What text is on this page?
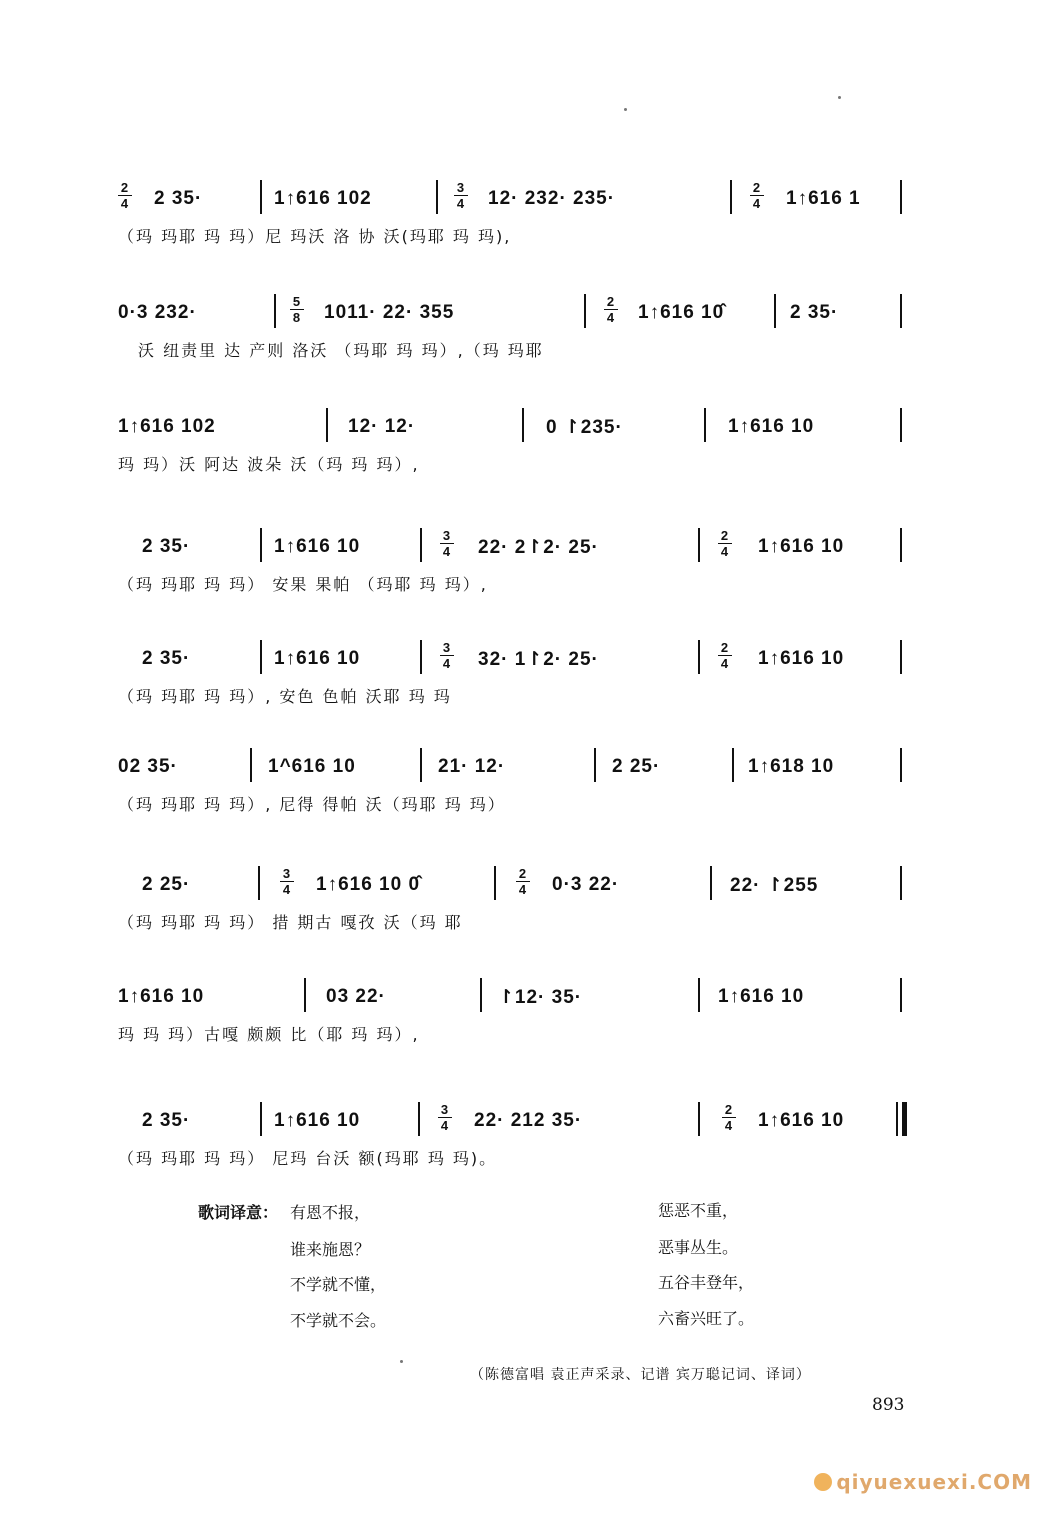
2
4 2 35·	1↑616 102
3
4 12· 232· 235·
2
4 1↑616 1
（玛 玛耶 玛 玛）尼 玛沃 洛 协 沃(玛耶 玛 玛),
0·3 232·
5
8 1011· 22· 355
2
4 1↑616 10̂	2 35·
沃 纽责里 达 产则 洛沃 （玛耶 玛 玛）,（玛 玛耶
1↑616 102	12· 12·	0 ↾235·	1↑616 10
玛 玛）沃 阿达 波朵 沃（玛 玛 玛）,
2 35·	1↑616 10
3
4 22· 2↾2· 25·
2
4 1↑616 10
（玛 玛耶 玛 玛） 安果 果帕 （玛耶 玛 玛）,
2 35·	1↑616 10
3
4 32· 1↾2· 25·
2
4 1↑616 10
（玛 玛耶 玛 玛）, 安色 色帕 沃耶 玛 玛
02 35·	1^616 10	21· 12·	2 25·	1↑618 10
（玛 玛耶 玛 玛）, 尼得 得帕 沃（玛耶 玛 玛）
2 25·
3
4 1↑616 10 0̂
2
4 0·3 22·	22· ↾255
（玛 玛耶 玛 玛） 措 期古 嘎孜 沃（玛 耶
1↑616 10	03 22·	↾12· 35·	1↑616 10
玛 玛 玛）古嘎 颇颇 比（耶 玛 玛）,
2 35·	1↑616 10
3
4 22· 212 35·
2
4 1↑616 10
（玛 玛耶 玛 玛） 尼玛 台沃 额(玛耶 玛 玛)。
歌词译意： 有恩不报，
谁来施恩？
不学就不懂，
不学就不会。
惩恶不重，
恶事丛生。
五谷丰登年，
六畜兴旺了。
（陈德富唱 袁正声采录、记谱 宾万聪记词、译词）
893
qiyuexuexi.COM
